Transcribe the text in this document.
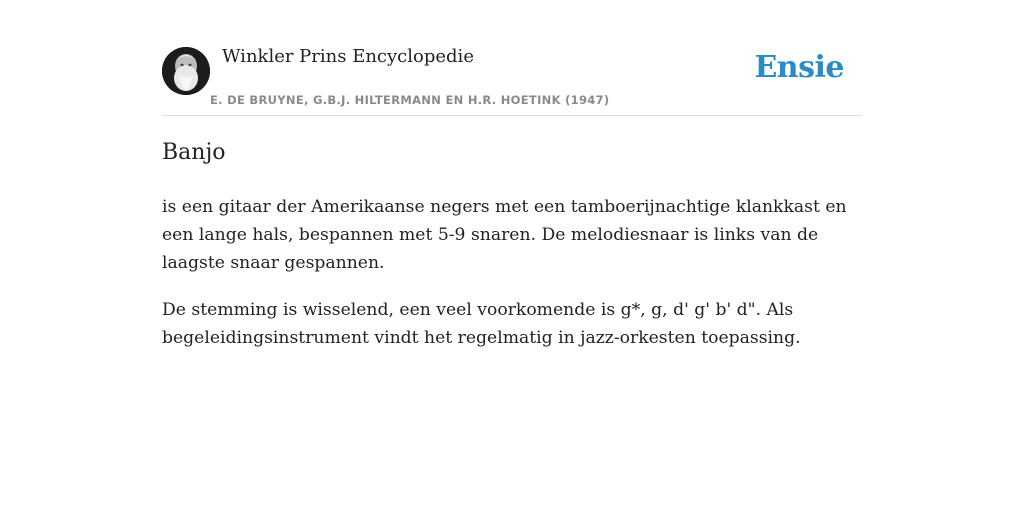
Winkler Prins Encyclopedie
E. DE BRUYNE, G.B.J. HILTERMANN EN H.R. HOETINK (1947)
Ensie
Banjo

is een gitaar der Amerikaanse negers met een tamboerijnachtige klankkast en een lange hals, bespannen met 5-9 snaren. De melodiesnaar is links van de laagste snaar gespannen.

De stemming is wisselend, een veel voorkomende is g*, g, d' g' b' d". Als begeleidingsinstrument vindt het regelmatig in jazz-orkesten toepassing.
